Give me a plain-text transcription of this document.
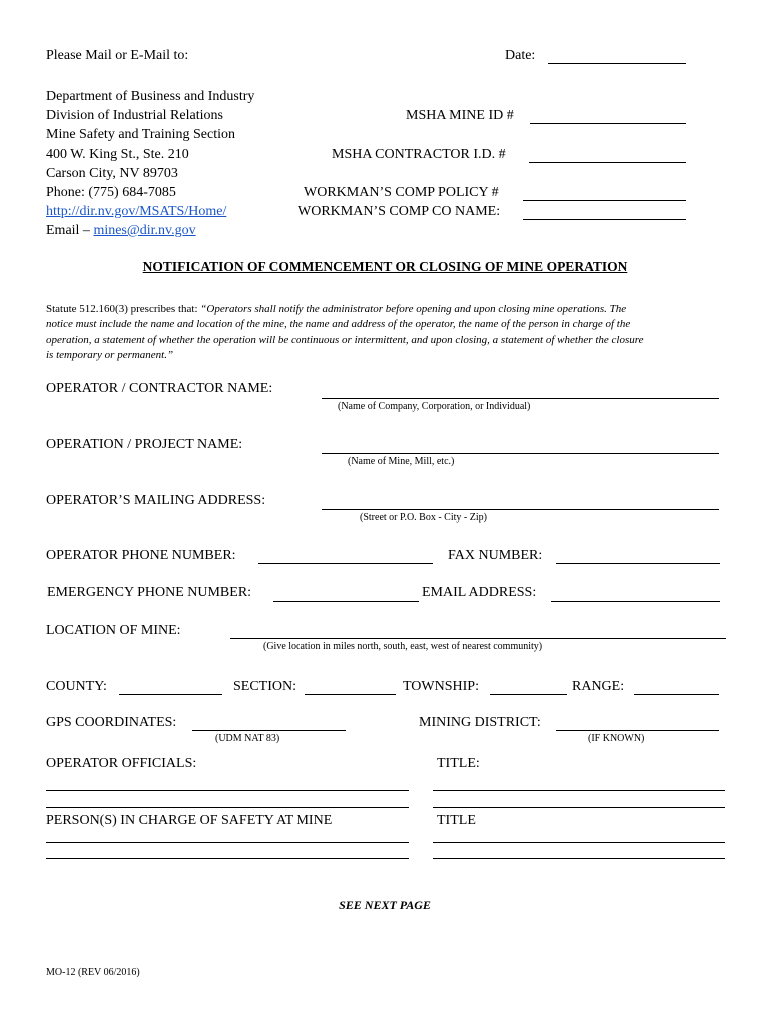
Please Mail or E-Mail to:	Date:
Department of Business and Industry
Division of Industrial Relations
Mine Safety and Training Section
400 W. King St., Ste. 210
Carson City, NV 89703
Phone: (775) 684-7085
http://dir.nv.gov/MSATS/Home/
Email – mines@dir.nv.gov
MSHA MINE ID #
MSHA CONTRACTOR I.D. #
WORKMAN’S COMP POLICY #
WORKMAN’S COMP CO NAME:
NOTIFICATION OF COMMENCEMENT OR CLOSING OF MINE OPERATION
Statute 512.160(3) prescribes that: “Operators shall notify the administrator before opening and upon closing mine operations. The
notice must include the name and location of the mine, the name and address of the operator, the name of the person in charge of the
operation, a statement of whether the operation will be continuous or intermittent, and upon closing, a statement of whether the closure
is temporary or permanent.”
OPERATOR / CONTRACTOR NAME:
(Name of Company, Corporation, or Individual)
OPERATION / PROJECT NAME:
(Name of Mine, Mill, etc.)
OPERATOR’S MAILING ADDRESS:
(Street or P.O. Box - City - Zip)
OPERATOR PHONE NUMBER:	FAX NUMBER:
EMERGENCY PHONE NUMBER:	EMAIL ADDRESS:
LOCATION OF MINE:
(Give location in miles north, south, east, west of nearest community)
COUNTY:	SECTION:	TOWNSHIP:	RANGE:
GPS COORDINATES:
(UDM NAT 83)
MINING DISTRICT:
(IF KNOWN)
OPERATOR OFFICIALS:	TITLE:
PERSON(S) IN CHARGE OF SAFETY AT MINE	TITLE
SEE NEXT PAGE
MO-12 (REV 06/2016)
